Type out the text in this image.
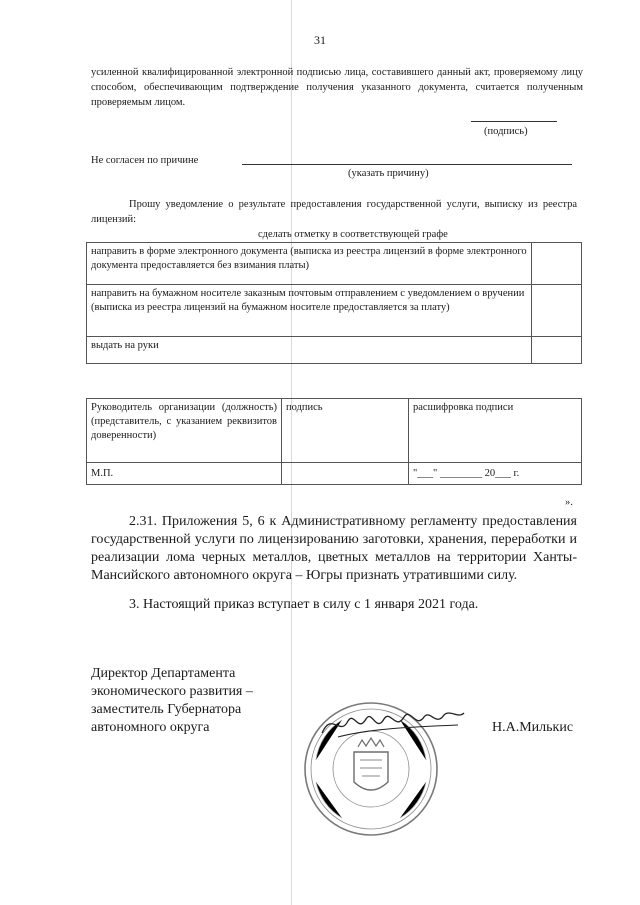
31
усиленной квалифицированной электронной подписью лица, составившего данный акт, проверяемому лицу способом, обеспечивающим подтверждение получения указанного документа, считается полученным проверяемым лицом.
(подпись)
Не согласен по причине
(указать причину)
Прошу уведомление о результате предоставления государственной услуги, выписку из реестра лицензий:
сделать отметку в соответствующей графе
направить в форме электронного документа (выписка из реестра лицензий в форме электронного документа предоставляется без взимания платы)	
направить на бумажном носителе заказным почтовым отправлением с уведомлением о вручении (выписка из реестра лицензий на бумажном носителе предоставляется за плату)	
выдать на руки	
Руководитель организации (должность) (представитель, с указанием реквизитов доверенности)	подпись	расшифровка подписи
М.П.		"___" ________ 20___ г.
».
2.31. Приложения 5, 6 к Административному регламенту предоставления государственной услуги по лицензированию заготовки, хранения, переработки и реализации лома черных металлов, цветных металлов на территории Ханты-Мансийского автономного округа – Югры признать утратившими силу.
3. Настоящий приказ вступает в силу с 1 января 2021 года.
Директор Департамента
экономического развития –
заместитель Губернатора
автономного округа	Н.А.Милькис
